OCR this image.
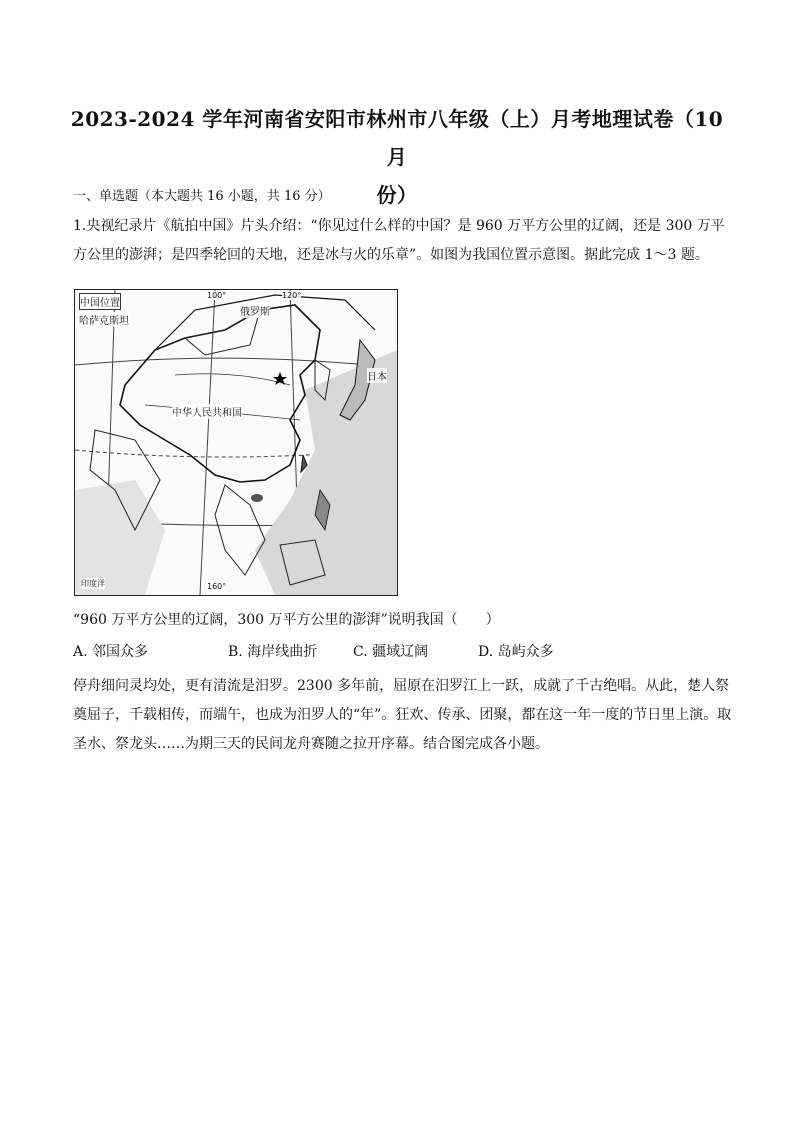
2023-2024 学年河南省安阳市林州市八年级（上）月考地理试卷（10 月
份）
一、单选题（本大题共 16 小题，共 16 分）
1.央视纪录片《航拍中国》片头介绍：“你见过什么样的中国？是 960 万平方公里的辽阔，还是 300 万平方公里的澎湃；是四季轮回的天地，还是冰与火的乐章”。如图为我国位置示意图。据此完成 1～3 题。
中国位置
哈萨克斯坦
俄罗斯
日本
中华人民共和国
100°	120°
160°
印度洋
“960 万平方公里的辽阔，300 万平方公里的澎湃”说明我国（　　）
A. 邻国众多	B. 海岸线曲折	C. 疆域辽阔	D. 岛屿众多
停舟细问灵均处，更有清流是汨罗。2300 多年前，屈原在汨罗江上一跃，成就了千古绝唱。从此，楚人祭奠屈子，千载相传，而端午，也成为汨罗人的“年”。狂欢、传承、团聚，都在这一年一度的节日里上演。取圣水、祭龙头……为期三天的民间龙舟赛随之拉开序幕。结合图完成各小题。
